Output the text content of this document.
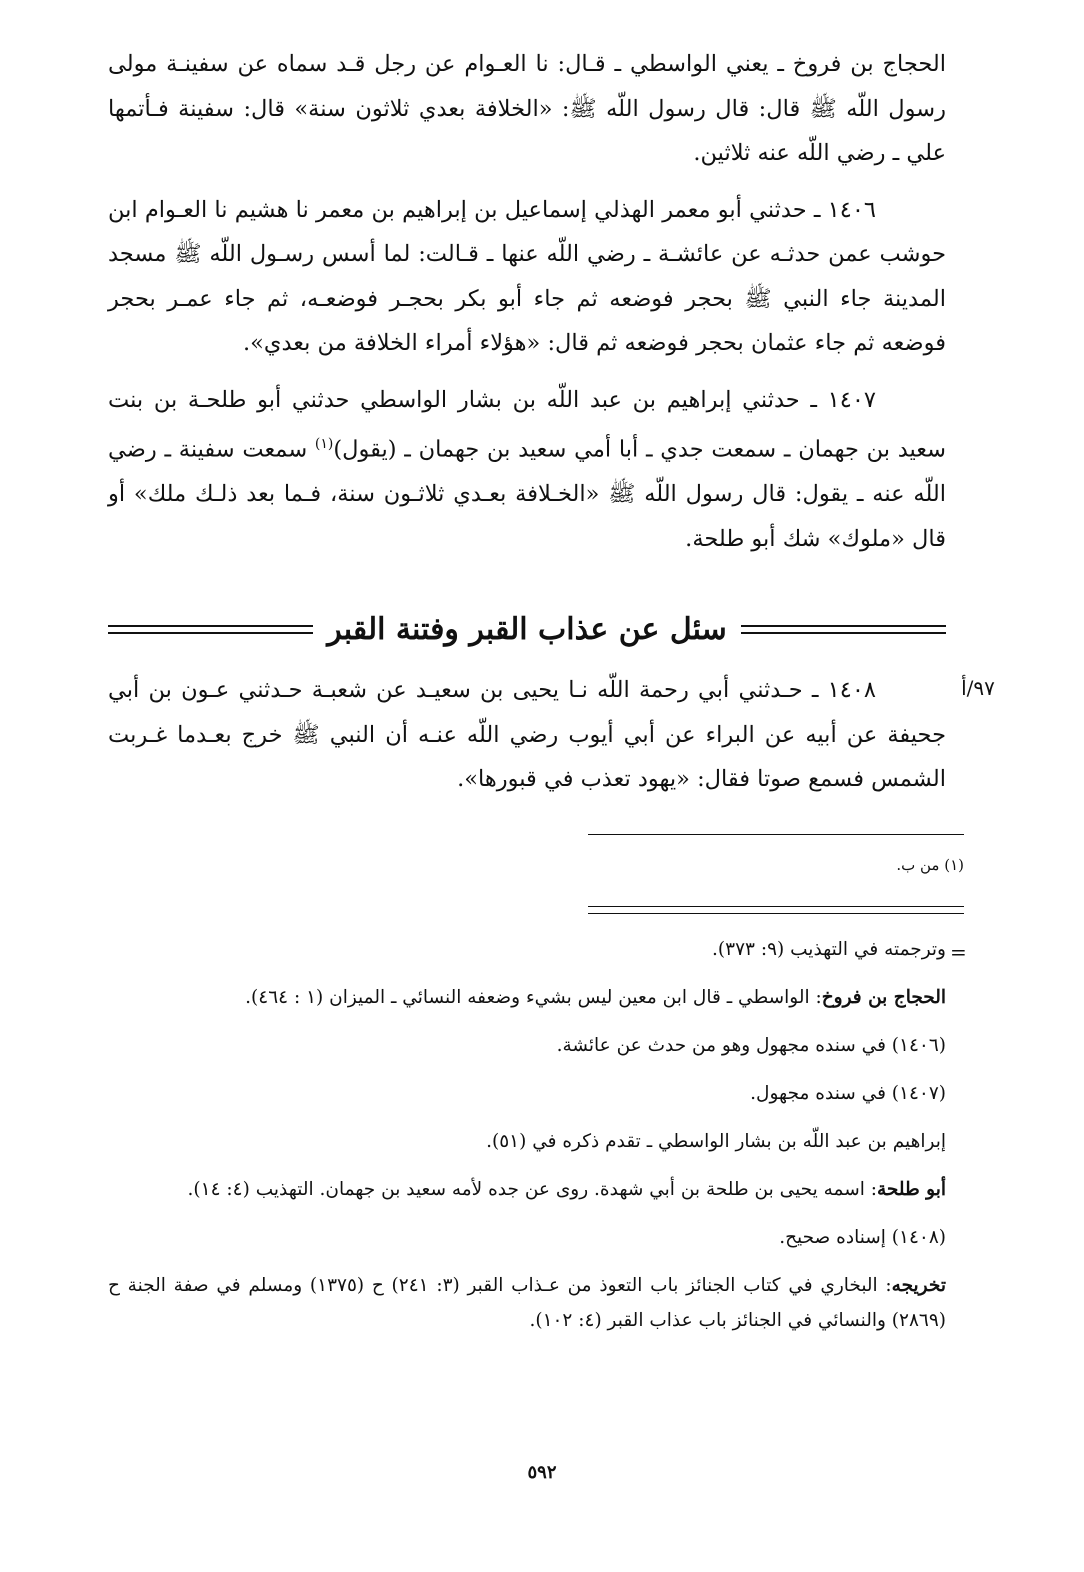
الحجاج بن فروخ ـ يعني الواسطي ـ قـال: نا العـوام عن رجل قـد سماه عن سفينـة مولى رسول اللّه ﷺ قال: قال رسول اللّه ﷺ: «الخلافة بعدي ثلاثون سنة» قال: سفينة فـأتمها علي ـ رضي اللّه عنه ثلاثين.

١٤٠٦ ـ حدثني أبو معمر الهذلي إسماعيل بن إبراهيم بن معمر نا هشيم نا العـوام ابن حوشب عمن حدثـه عن عائشـة ـ رضي اللّه عنها ـ قـالت: لما أسس رسـول اللّه ﷺ مسجد المدينة جاء النبي ﷺ بحجر فوضعه ثم جاء أبو بكر بحجـر فوضعـه، ثم جاء عمـر بحجر فوضعه ثم جاء عثمان بحجر فوضعه ثم قال: «هؤلاء أمراء الخلافة من بعدي».

١٤٠٧ ـ حدثني إبراهيم بن عبد اللّه بن بشار الواسطي حدثني أبو طلحـة بن بنت سعيد بن جهمان ـ سمعت جدي ـ أبا أمي سعيد بن جهمان ـ (يقول)$^{(١)}$ سمعت سفينة ـ رضي اللّه عنه ـ يقول: قال رسول اللّه ﷺ «الخـلافة بعـدي ثلاثـون سنة، فـما بعد ذلـك ملك» أو قال «ملوك» شك أبو طلحة.

سئل عن عذاب القبر وفتنة القبر
٩٧/أ

١٤٠٨ ـ حـدثني أبي رحمة اللّه نـا يحيى بن سعيـد عن شعبـة حـدثني عـون بن أبي جحيفة عن أبيه عن البراء عن أبي أيوب رضي اللّه عنـه أن النبي ﷺ خرج بعـدما غـربت الشمس فسمع صوتا فقال: «يهود تعذب في قبورها».

(١) من ب.
=

وترجمته في التهذيب (٩: ٣٧٣).

الحجاج بن فروخ: الواسطي ـ قال ابن معين ليس بشيء وضعفه النسائي ـ الميزان (١ : ٤٦٤).

(١٤٠٦) في سنده مجهول وهو من حدث عن عائشة.

(١٤٠٧) في سنده مجهول.

إبراهيم بن عبد اللّه بن بشار الواسطي ـ تقدم ذكره في (٥١).

أبو طلحة: اسمه يحيى بن طلحة بن أبي شهدة. روى عن جده لأمه سعيد بن جهمان. التهذيب (٤: ١٤).

(١٤٠٨) إسناده صحيح.

تخريجه: البخاري في كتاب الجنائز باب التعوذ من عـذاب القبر (٣: ٢٤١) ح (١٣٧٥) ومسلم في صفة الجنة ح (٢٨٦٩) والنسائي في الجنائز باب عذاب القبر (٤: ١٠٢).

٥٩٢
